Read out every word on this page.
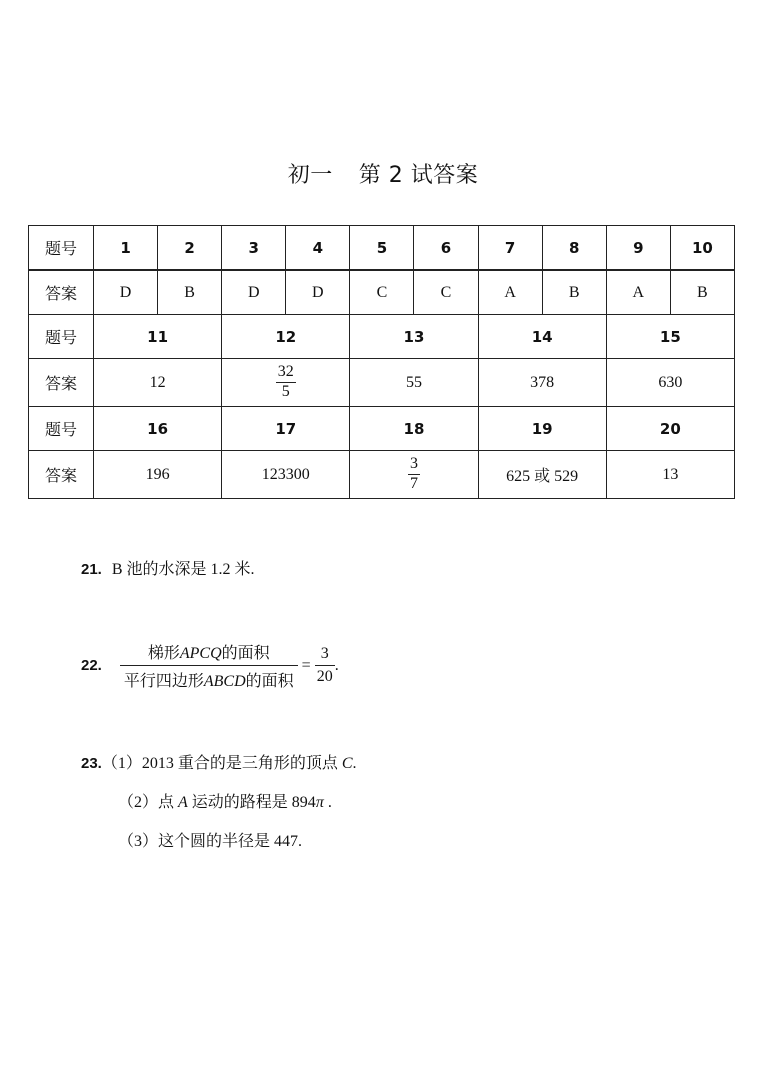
初一 第 2 试答案
题号	1	2	3	4	5	6	7	8	9	10
答案	D	B	D	D	C	C	A	B	A	B
题号	11		12		13		14		15	
答案	12		$\frac{32}{5}$		55		378		630	
题号	16		17		18		19		20	
答案	196		123300		$\frac{3}{7}$		625 或 529		13	
21. B 池的水深是 1.2 米.
22.
梯形APCQ的面积
平行四边形ABCD的面积
= $\frac{3}{20}$ .
23.（1）2013 重合的是三角形的顶点 C.
（2）点 A 运动的路程是 894π .
（3）这个圆的半径是 447.
